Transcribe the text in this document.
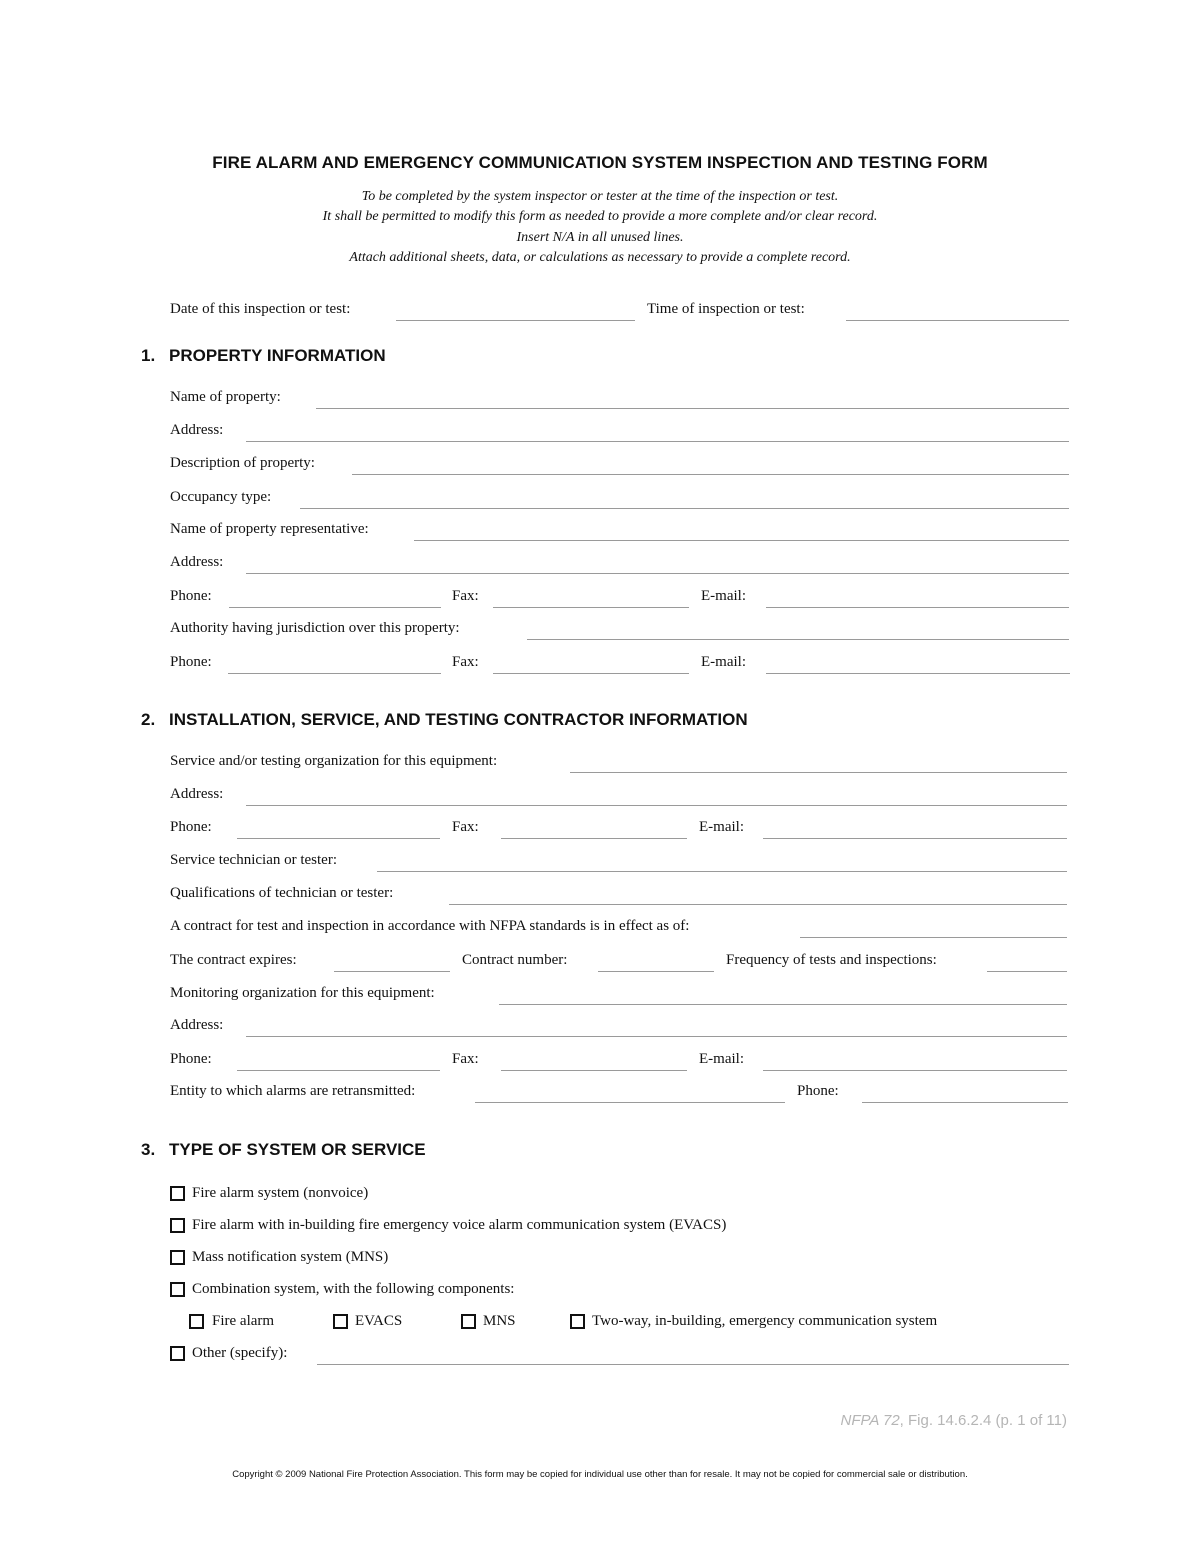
FIRE ALARM AND EMERGENCY COMMUNICATION SYSTEM INSPECTION AND TESTING FORM
To be completed by the system inspector or tester at the time of the inspection or test.
It shall be permitted to modify this form as needed to provide a more complete and/or clear record.
Insert N/A in all unused lines.
Attach additional sheets, data, or calculations as necessary to provide a complete record.
Date of this inspection or test:	Time of inspection or test:
1. PROPERTY INFORMATION
Name of property:
Address:
Description of property:
Occupancy type:
Name of property representative:
Address:
Phone:	Fax:	E-mail:
Authority having jurisdiction over this property:
Phone:	Fax:	E-mail:
2. INSTALLATION, SERVICE, AND TESTING CONTRACTOR INFORMATION
Service and/or testing organization for this equipment:
Address:
Phone:	Fax:	E-mail:
Service technician or tester:
Qualifications of technician or tester:
A contract for test and inspection in accordance with NFPA standards is in effect as of:
The contract expires:	Contract number:	Frequency of tests and inspections:
Monitoring organization for this equipment:
Address:
Phone:	Fax:	E-mail:
Entity to which alarms are retransmitted:	Phone:
3. TYPE OF SYSTEM OR SERVICE
Fire alarm system (nonvoice)
Fire alarm with in-building fire emergency voice alarm communication system (EVACS)
Mass notification system (MNS)
Combination system, with the following components:
Fire alarm	EVACS	MNS	Two-way, in-building, emergency communication system
Other (specify):
NFPA 72, Fig. 14.6.2.4 (p. 1 of 11)
Copyright © 2009 National Fire Protection Association. This form may be copied for individual use other than for resale. It may not be copied for commercial sale or distribution.
